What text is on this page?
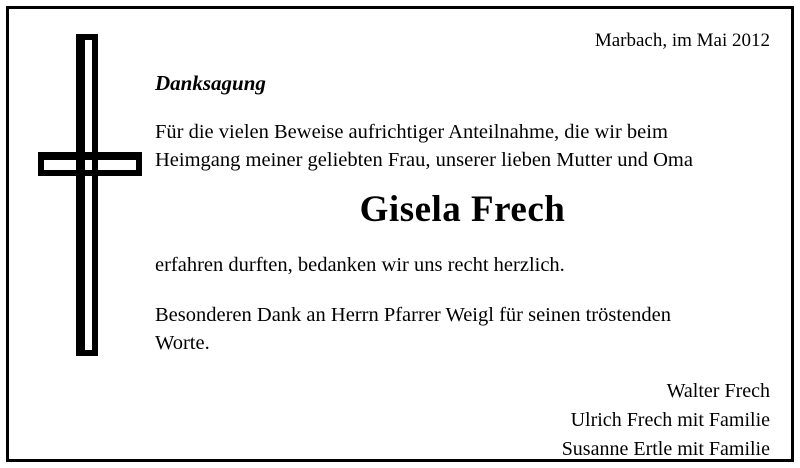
Marbach, im Mai 2012
Danksagung
Für die vielen Beweise aufrichtiger Anteilnahme, die wir beim
Heimgang meiner geliebten Frau, unserer lieben Mutter und Oma
Gisela Frech
erfahren durften, bedanken wir uns recht herzlich.
Besonderen Dank an Herrn Pfarrer Weigl für seinen tröstenden
Worte.
Walter Frech
Ulrich Frech mit Familie
Susanne Ertle mit Familie
